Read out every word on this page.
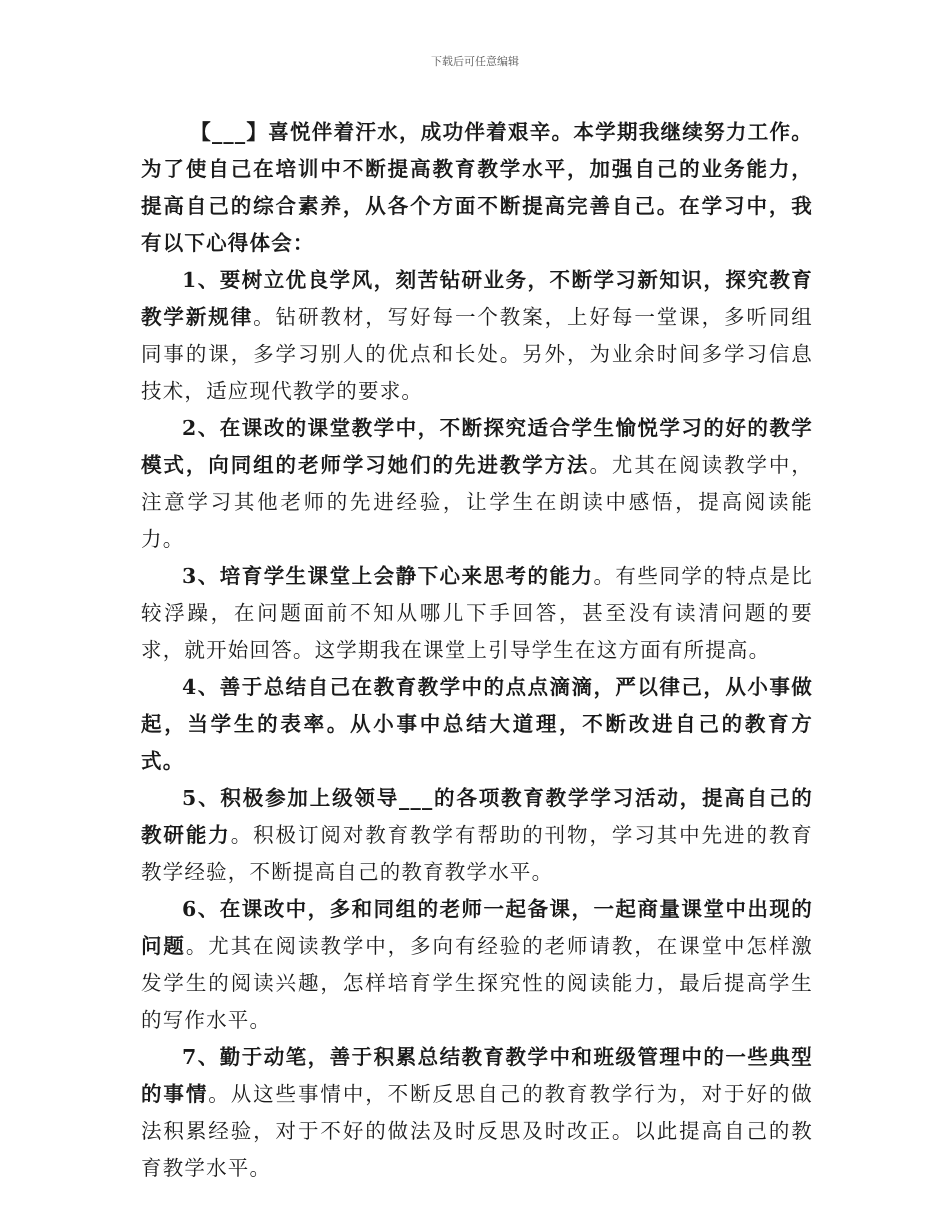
下载后可任意编辑

【___】喜悦伴着汗水，成功伴着艰辛。本学期我继续努力工作。为了使自己在培训中不断提高教育教学水平，加强自己的业务能力，提高自己的综合素养，从各个方面不断提高完善自己。在学习中，我有以下心得体会：

1、要树立优良学风，刻苦钻研业务，不断学习新知识，探究教育教学新规律。钻研教材，写好每一个教案，上好每一堂课，多听同组同事的课，多学习别人的优点和长处。另外，为业余时间多学习信息技术，适应现代教学的要求。

2、在课改的课堂教学中，不断探究适合学生愉悦学习的好的教学模式，向同组的老师学习她们的先进教学方法。尤其在阅读教学中，注意学习其他老师的先进经验，让学生在朗读中感悟，提高阅读能力。

3、培育学生课堂上会静下心来思考的能力。有些同学的特点是比较浮躁，在问题面前不知从哪儿下手回答，甚至没有读清问题的要求，就开始回答。这学期我在课堂上引导学生在这方面有所提高。

4、善于总结自己在教育教学中的点点滴滴，严以律己，从小事做起，当学生的表率。从小事中总结大道理，不断改进自己的教育方式。

5、积极参加上级领导___的各项教育教学学习活动，提高自己的教研能力。积极订阅对教育教学有帮助的刊物，学习其中先进的教育教学经验，不断提高自己的教育教学水平。

6、在课改中，多和同组的老师一起备课，一起商量课堂中出现的问题。尤其在阅读教学中，多向有经验的老师请教，在课堂中怎样激发学生的阅读兴趣，怎样培育学生探究性的阅读能力，最后提高学生的写作水平。

7、勤于动笔，善于积累总结教育教学中和班级管理中的一些典型的事情。从这些事情中，不断反思自己的教育教学行为，对于好的做法积累经验，对于不好的做法及时反思及时改正。以此提高自己的教育教学水平。
